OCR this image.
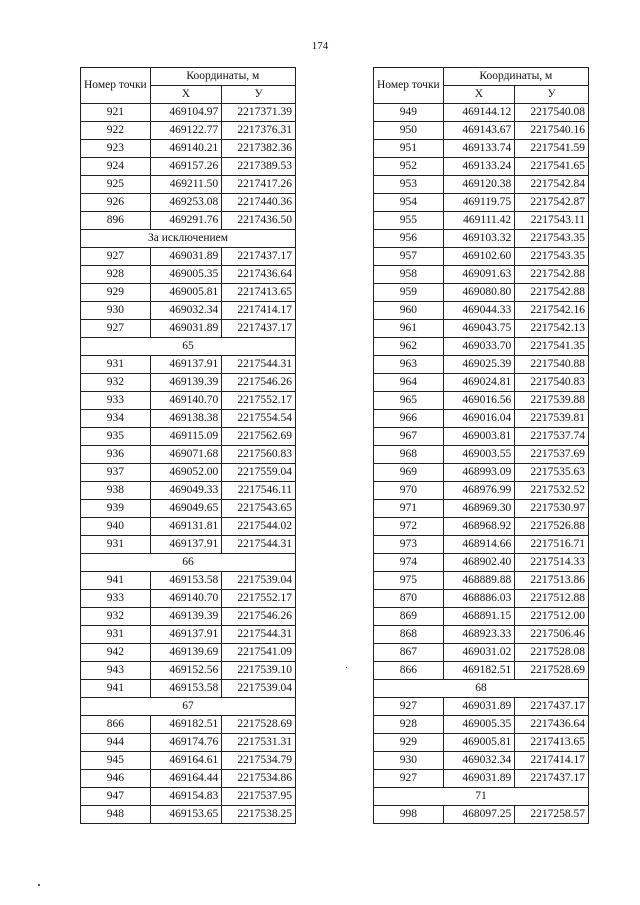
174
Номер точки	Координаты, м	
	X	У
921	469104.97	2217371.39
922	469122.77	2217376.31
923	469140.21	2217382.36
924	469157.26	2217389.53
925	469211.50	2217417.26
926	469253.08	2217440.36
896	469291.76	2217436.50
За исключением		
927	469031.89	2217437.17
928	469005.35	2217436.64
929	469005.81	2217413.65
930	469032.34	2217414.17
927	469031.89	2217437.17
65		
931	469137.91	2217544.31
932	469139.39	2217546.26
933	469140.70	2217552.17
934	469138.38	2217554.54
935	469115.09	2217562.69
936	469071.68	2217560.83
937	469052.00	2217559.04
938	469049.33	2217546.11
939	469049.65	2217543.65
940	469131.81	2217544.02
931	469137.91	2217544.31
66		
941	469153.58	2217539.04
933	469140.70	2217552.17
932	469139.39	2217546.26
931	469137.91	2217544.31
942	469139.69	2217541.09
943	469152.56	2217539.10
941	469153.58	2217539.04
67		
866	469182.51	2217528.69
944	469174.76	2217531.31
945	469164.61	2217534.79
946	469164.44	2217534.86
947	469154.83	2217537.95
948	469153.65	2217538.25
Номер точки	Координаты, м	
	X	У
949	469144.12	2217540.08
950	469143.67	2217540.16
951	469133.74	2217541.59
952	469133.24	2217541.65
953	469120.38	2217542.84
954	469119.75	2217542.87
955	469111.42	2217543.11
956	469103.32	2217543.35
957	469102.60	2217543.35
958	469091.63	2217542.88
959	469080.80	2217542.88
960	469044.33	2217542.16
961	469043.75	2217542.13
962	469033.70	2217541.35
963	469025.39	2217540.88
964	469024.81	2217540.83
965	469016.56	2217539.88
966	469016.04	2217539.81
967	469003.81	2217537.74
968	469003.55	2217537.69
969	468993.09	2217535.63
970	468976.99	2217532.52
971	468969.30	2217530.97
972	468968.92	2217526.88
973	468914.66	2217516.71
974	468902.40	2217514.33
975	468889.88	2217513.86
870	468886.03	2217512.88
869	468891.15	2217512.00
868	468923.33	2217506.46
867	469031.02	2217528.08
866	469182.51	2217528.69
68		
927	469031.89	2217437.17
928	469005.35	2217436.64
929	469005.81	2217413.65
930	469032.34	2217414.17
927	469031.89	2217437.17
71		
998	468097.25	2217258.57
